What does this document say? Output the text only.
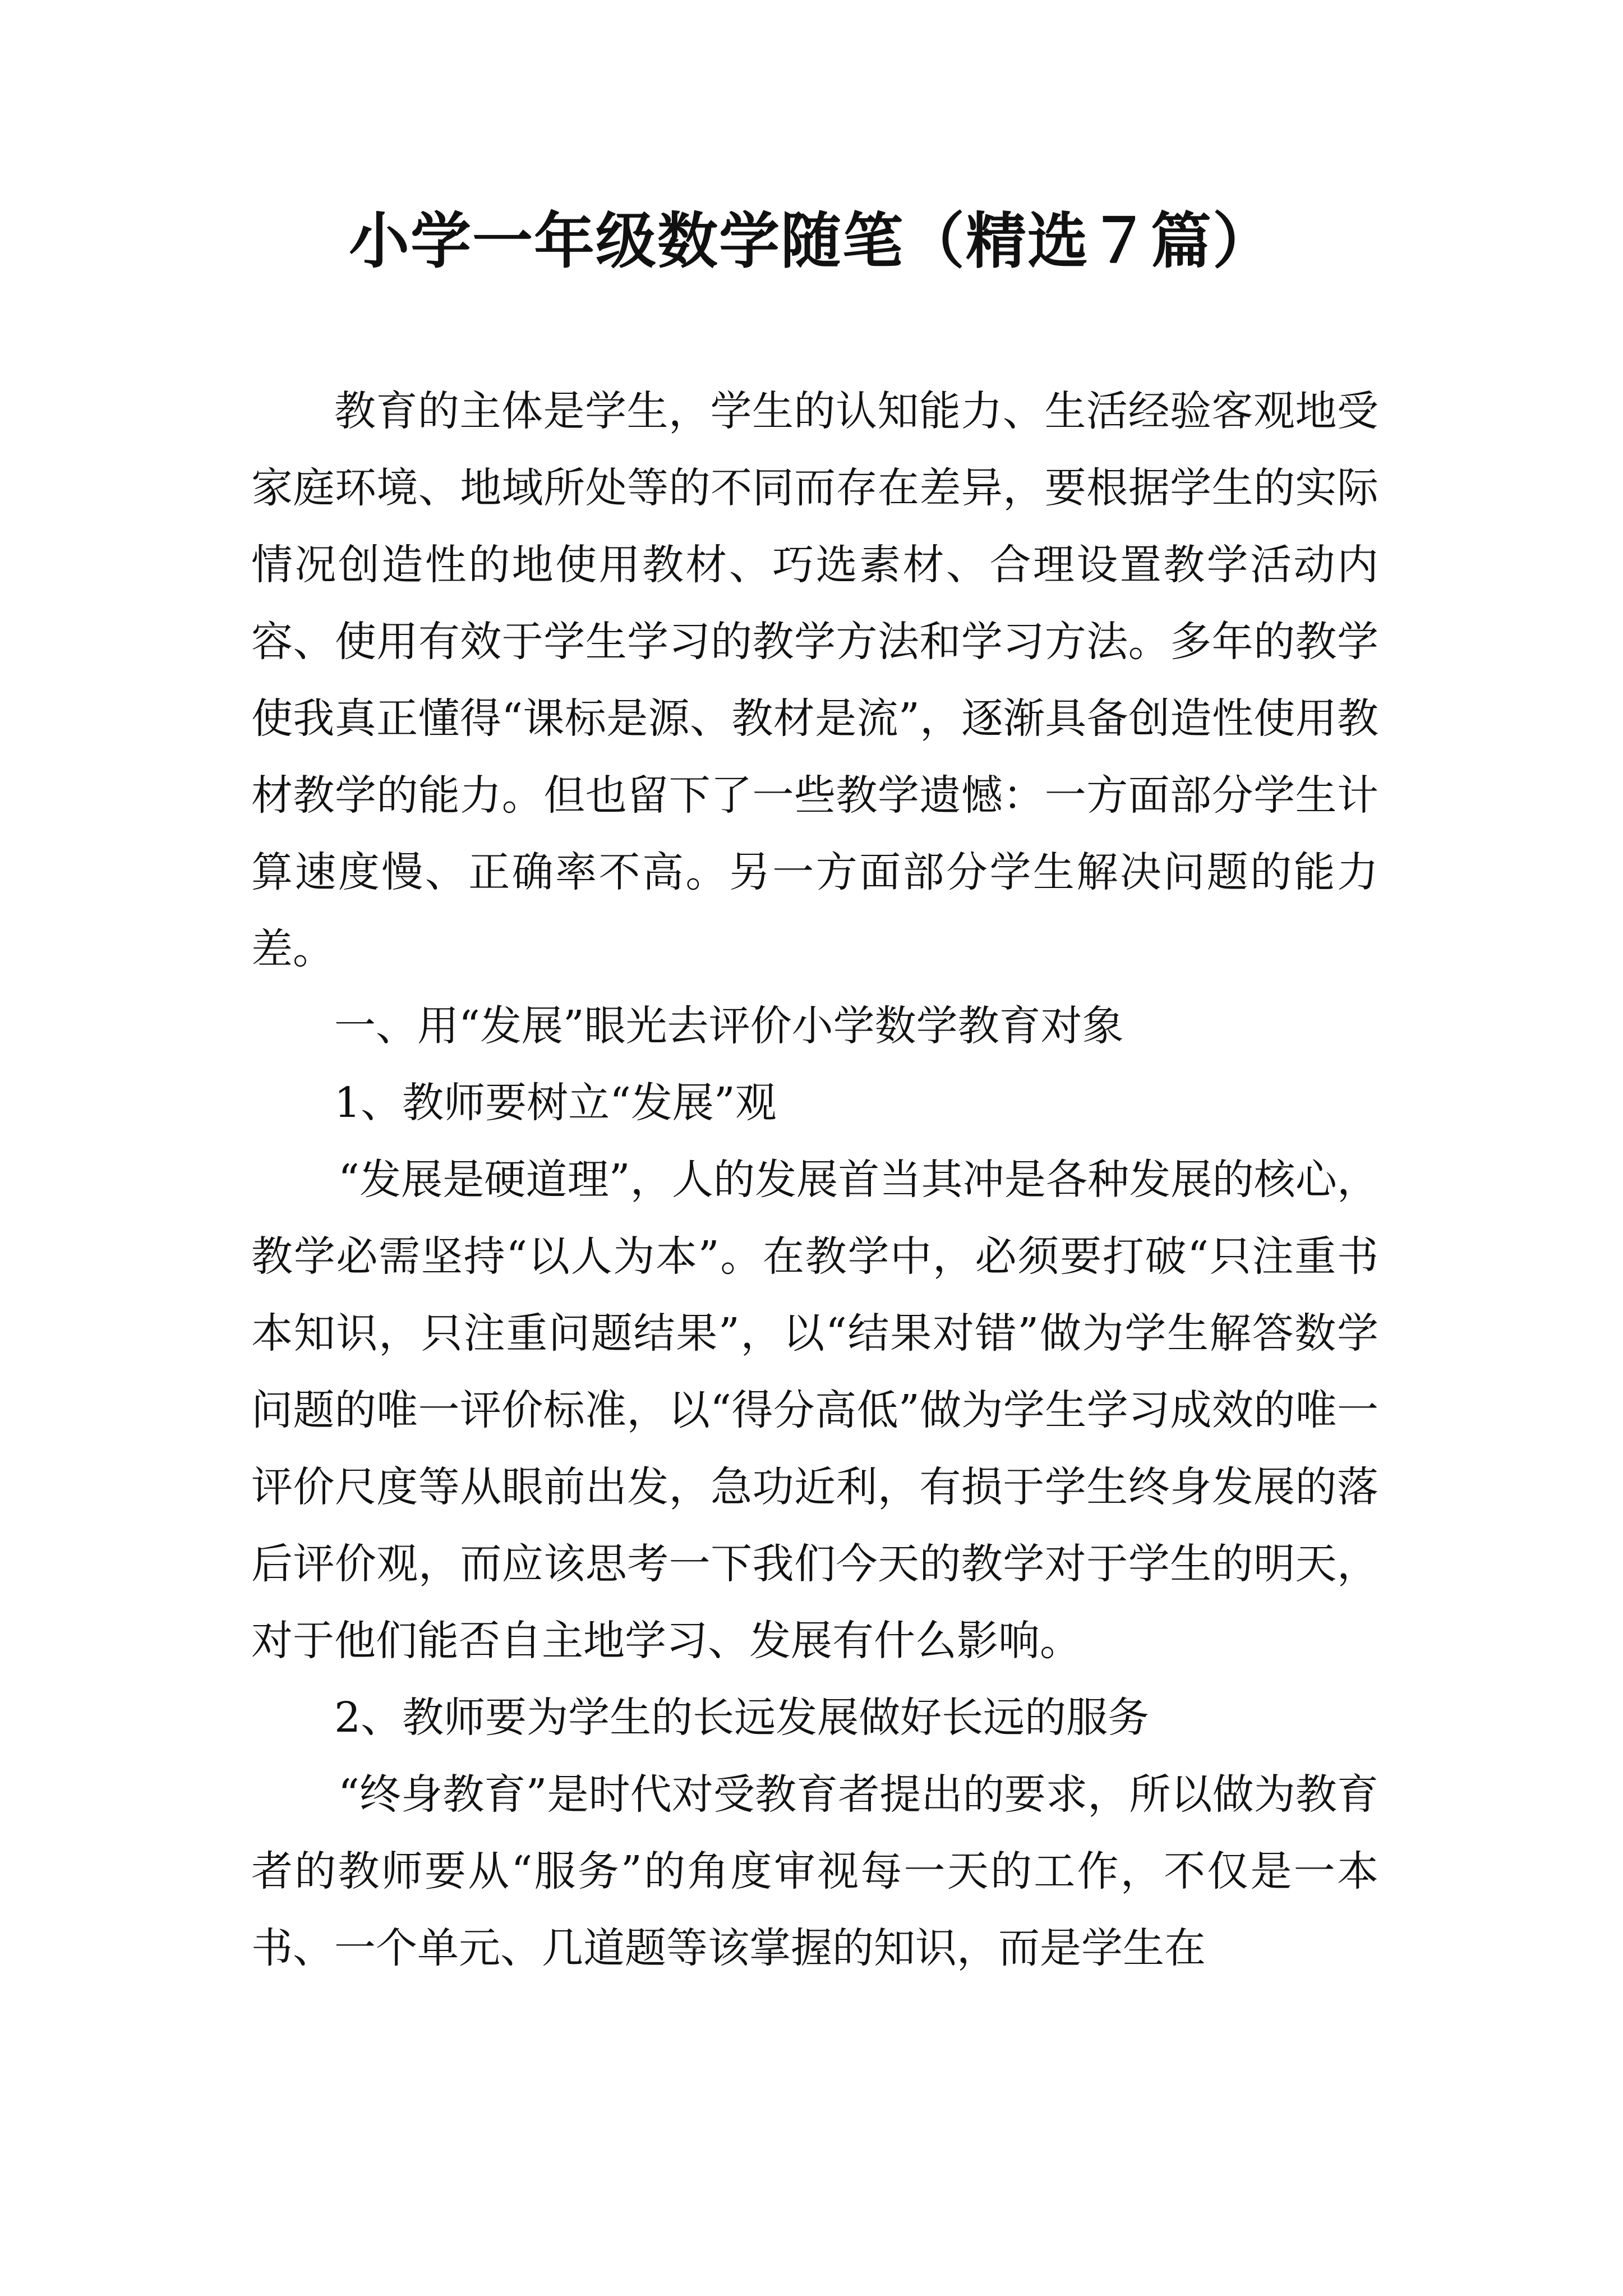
小学一年级数学随笔（精选７篇）

教育的主体是学生，学生的认知能力、生活经验客观地受家庭环境、地域所处等的不同而存在差异，要根据学生的实际情况创造性的地使用教材、巧选素材、合理设置教学活动内容、使用有效于学生学习的教学方法和学习方法。多年的教学使我真正懂得“课标是源、教材是流”，逐渐具备创造性使用教材教学的能力。但也留下了一些教学遗憾：一方面部分学生计算速度慢、正确率不高。另一方面部分学生解决问题的能力差。

一、用“发展”眼光去评价小学数学教育对象

1、教师要树立“发展”观

“发展是硬道理”，人的发展首当其冲是各种发展的核心，教学必需坚持“以人为本”。在教学中，必须要打破“只注重书本知识，只注重问题结果”，以“结果对错”做为学生解答数学问题的唯一评价标准，以“得分高低”做为学生学习成效的唯一评价尺度等从眼前出发，急功近利，有损于学生终身发展的落后评价观，而应该思考一下我们今天的教学对于学生的明天，对于他们能否自主地学习、发展有什么影响。

2、教师要为学生的长远发展做好长远的服务

“终身教育”是时代对受教育者提出的要求，所以做为教育者的教师要从“服务”的角度审视每一天的工作，不仅是一本书、一个单元、几道题等该掌握的知识，而是学生在
